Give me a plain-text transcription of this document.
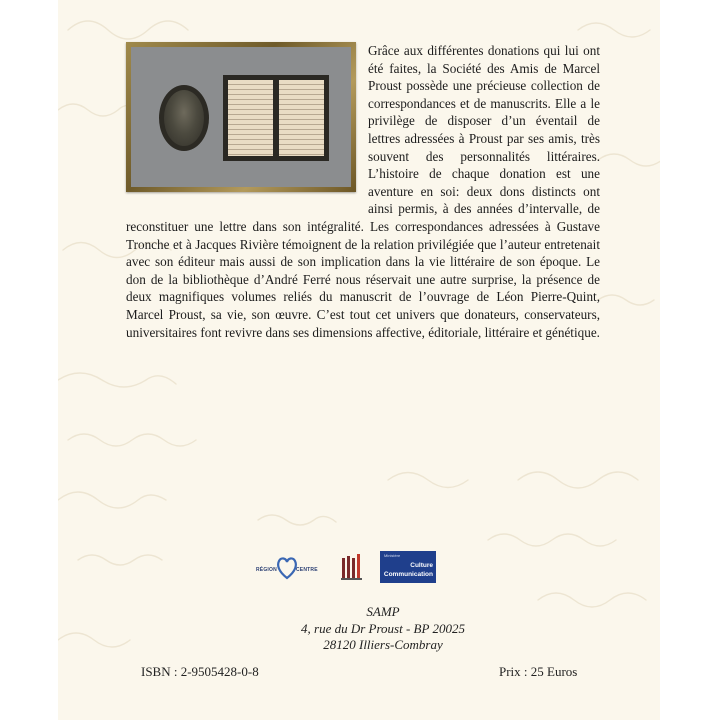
Grâce aux différentes donations qui lui ont été faites, la Société des Amis de Marcel Proust possède une précieuse collection de correspondances et de manuscrits. Elle a le privilège de disposer d’un éventail de lettres adressées à Proust par ses amis, très souvent des personnalités littéraires. L’histoire de chaque donation est une aventure en soi: deux dons distincts ont ainsi permis, à des années d’intervalle, de reconstituer une lettre dans son intégralité. Les correspondances adressées à Gustave Tronche et à Jacques Rivière témoignent de la relation privilégiée que l’auteur entretenait avec son éditeur mais aussi de son implication dans la vie littéraire de son époque. Le don de la bibliothèque d’André Ferré nous réservait une autre surprise, la présence de deux magnifiques volumes reliés du manuscrit de l’ouvrage de Léon Pierre-Quint, Marcel Proust, sa vie, son œuvre. C’est tout cet univers que donateurs, conservateurs, universitaires font revivre dans ses dimensions affective, éditoriale, littéraire et génétique.
RÉGION	CENTRE
Ministère
Culture
Communication
SAMP
4, rue du Dr Proust - BP 20025
28120 Illiers-Combray
ISBN : 2-9505428-0-8	Prix : 25 Euros
